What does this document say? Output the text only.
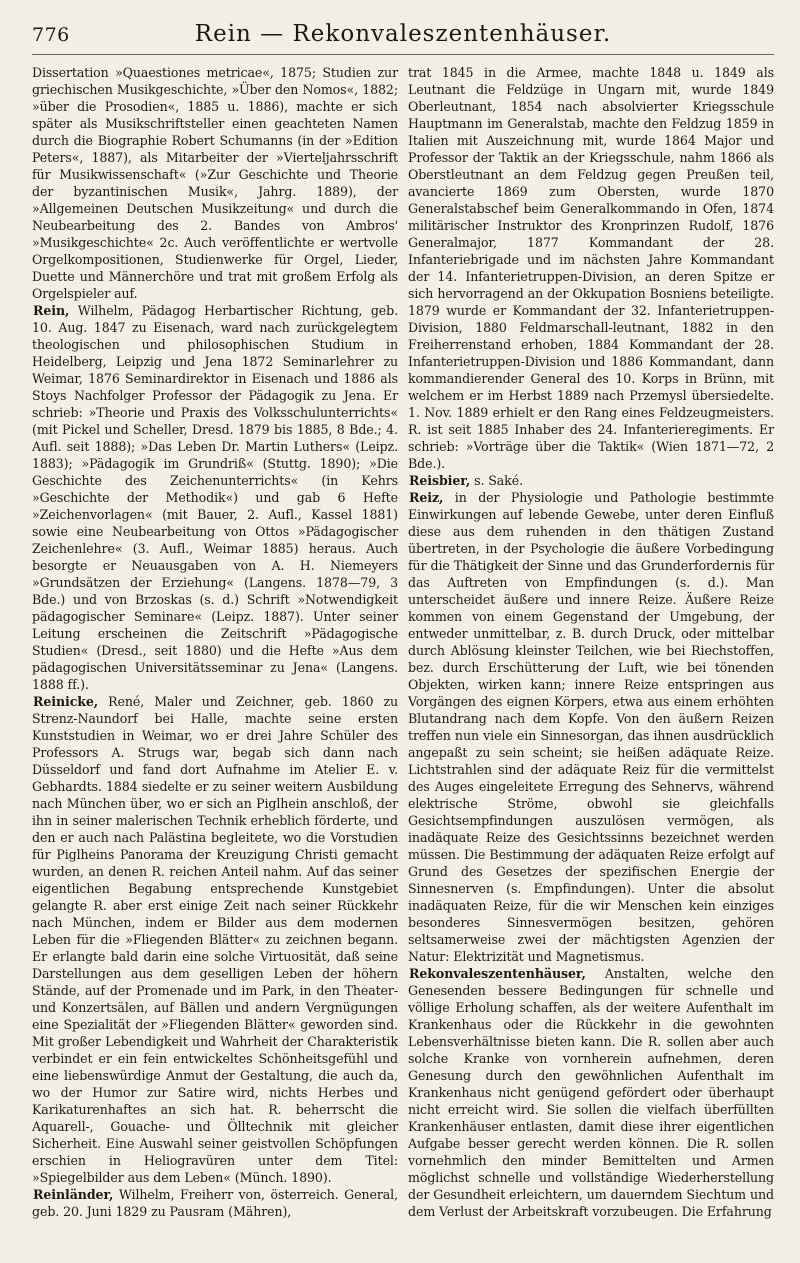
776	Rein — Rekonvaleszentenhäuser.

Dissertation »Quaestiones metricae«, 1875; Studien zur griechischen Musikgeschichte, »Über den Nomos«, 1882; »über die Prosodien«, 1885 u. 1886), machte er sich später als Musikschriftsteller einen geachteten Namen durch die Biographie Robert Schumanns (in der »Edition Peters«, 1887), als Mitarbeiter der »Vierteljahrsschrift für Musikwissenschaft« (»Zur Geschichte und Theorie der byzantinischen Musik«, Jahrg. 1889), der »Allgemeinen Deutschen Musikzeitung« und durch die Neubearbeitung des 2. Bandes von Ambros' »Musikgeschichte« 2c. Auch veröffentlichte er wertvolle Orgelkompositionen, Studienwerke für Orgel, Lieder, Duette und Männerchöre und trat mit großem Erfolg als Orgelspieler auf.

Rein, Wilhelm, Pädagog Herbartischer Richtung, geb. 10. Aug. 1847 zu Eisenach, ward nach zurückgelegtem theologischen und philosophischen Studium in Heidelberg, Leipzig und Jena 1872 Seminarlehrer zu Weimar, 1876 Seminardirektor in Eisenach und 1886 als Stoys Nachfolger Professor der Pädagogik zu Jena. Er schrieb: »Theorie und Praxis des Volksschulunterrichts« (mit Pickel und Scheller, Dresd. 1879 bis 1885, 8 Bde.; 4. Aufl. seit 1888); »Das Leben Dr. Martin Luthers« (Leipz. 1883); »Pädagogik im Grundriß« (Stuttg. 1890); »Die Geschichte des Zeichenunterrichts« (in Kehrs »Geschichte der Methodik«) und gab 6 Hefte »Zeichenvorlagen« (mit Bauer, 2. Aufl., Kassel 1881) sowie eine Neubearbeitung von Ottos »Pädagogischer Zeichenlehre« (3. Aufl., Weimar 1885) heraus. Auch besorgte er Neuausgaben von A. H. Niemeyers »Grundsätzen der Erziehung« (Langens. 1878—79, 3 Bde.) und von Brzoskas (s. d.) Schrift »Notwendigkeit pädagogischer Seminare« (Leipz. 1887). Unter seiner Leitung erscheinen die Zeitschrift »Pädagogische Studien« (Dresd., seit 1880) und die Hefte »Aus dem pädagogischen Universitätsseminar zu Jena« (Langens. 1888 ff.).

Reinicke, René, Maler und Zeichner, geb. 1860 zu Strenz-Naundorf bei Halle, machte seine ersten Kunststudien in Weimar, wo er drei Jahre Schüler des Professors A. Strugs war, begab sich dann nach Düsseldorf und fand dort Aufnahme im Atelier E. v. Gebhardts. 1884 siedelte er zu seiner weitern Ausbildung nach München über, wo er sich an Piglhein anschloß, der ihn in seiner malerischen Technik erheblich förderte, und den er auch nach Palästina begleitete, wo die Vorstudien für Piglheins Panorama der Kreuzigung Christi gemacht wurden, an denen R. reichen Anteil nahm. Auf das seiner eigentlichen Begabung entsprechende Kunstgebiet gelangte R. aber erst einige Zeit nach seiner Rückkehr nach München, indem er Bilder aus dem modernen Leben für die »Fliegenden Blätter« zu zeichnen begann. Er erlangte bald darin eine solche Virtuosität, daß seine Darstellungen aus dem geselligen Leben der höhern Stände, auf der Promenade und im Park, in den Theater- und Konzertsälen, auf Bällen und andern Vergnügungen eine Spezialität der »Fliegenden Blätter« geworden sind. Mit großer Lebendigkeit und Wahrheit der Charakteristik verbindet er ein fein entwickeltes Schönheitsgefühl und eine liebenswürdige Anmut der Gestaltung, die auch da, wo der Humor zur Satire wird, nichts Herbes und Karikaturenhaftes an sich hat. R. beherrscht die Aquarell-, Gouache- und Ölltechnik mit gleicher Sicherheit. Eine Auswahl seiner geistvollen Schöpfungen erschien in Heliogravüren unter dem Titel: »Spiegelbilder aus dem Leben« (Münch. 1890).

Reinländer, Wilhelm, Freiherr von, österreich. General, geb. 20. Juni 1829 zu Pausram (Mähren),

trat 1845 in die Armee, machte 1848 u. 1849 als Leutnant die Feldzüge in Ungarn mit, wurde 1849 Oberleutnant, 1854 nach absolvierter Kriegsschule Hauptmann im Generalstab, machte den Feldzug 1859 in Italien mit Auszeichnung mit, wurde 1864 Major und Professor der Taktik an der Kriegsschule, nahm 1866 als Oberstleutnant an dem Feldzug gegen Preußen teil, avancierte 1869 zum Obersten, wurde 1870 Generalstabschef beim Generalkommando in Ofen, 1874 militärischer Instruktor des Kronprinzen Rudolf, 1876 Generalmajor, 1877 Kommandant der 28. Infanteriebrigade und im nächsten Jahre Kommandant der 14. Infanterietruppen-Division, an deren Spitze er sich hervorragend an der Okkupation Bosniens beteiligte. 1879 wurde er Kommandant der 32. Infanterietruppen-Division, 1880 Feldmarschall-leutnant, 1882 in den Freiherrenstand erhoben, 1884 Kommandant der 28. Infanterietruppen-Division und 1886 Kommandant, dann kommandierender General des 10. Korps in Brünn, mit welchem er im Herbst 1889 nach Przemysl übersiedelte. 1. Nov. 1889 erhielt er den Rang eines Feldzeugmeisters. R. ist seit 1885 Inhaber des 24. Infanterieregiments. Er schrieb: »Vorträge über die Taktik« (Wien 1871—72, 2 Bde.).

Reisbier, s. Saké.

Reiz, in der Physiologie und Pathologie bestimmte Einwirkungen auf lebende Gewebe, unter deren Einfluß diese aus dem ruhenden in den thätigen Zustand übertreten, in der Psychologie die äußere Vorbedingung für die Thätigkeit der Sinne und das Grunderfordernis für das Auftreten von Empfindungen (s. d.). Man unterscheidet äußere und innere Reize. Äußere Reize kommen von einem Gegenstand der Umgebung, der entweder unmittelbar, z. B. durch Druck, oder mittelbar durch Ablösung kleinster Teilchen, wie bei Riechstoffen, bez. durch Erschütterung der Luft, wie bei tönenden Objekten, wirken kann; innere Reize entspringen aus Vorgängen des eignen Körpers, etwa aus einem erhöhten Blutandrang nach dem Kopfe. Von den äußern Reizen treffen nun viele ein Sinnesorgan, das ihnen ausdrücklich angepaßt zu sein scheint; sie heißen adäquate Reize. Lichtstrahlen sind der adäquate Reiz für die vermittelst des Auges eingeleitete Erregung des Sehnervs, während elektrische Ströme, obwohl sie gleichfalls Gesichtsempfindungen auszulösen vermögen, als inadäquate Reize des Gesichtssinns bezeichnet werden müssen. Die Bestimmung der adäquaten Reize erfolgt auf Grund des Gesetzes der spezifischen Energie der Sinnesnerven (s. Empfindungen). Unter die absolut inadäquaten Reize, für die wir Menschen kein einziges besonderes Sinnesvermögen besitzen, gehören seltsamerweise zwei der mächtigsten Agenzien der Natur: Elektrizität und Magnetismus.

Rekonvaleszentenhäuser, Anstalten, welche den Genesenden bessere Bedingungen für schnelle und völlige Erholung schaffen, als der weitere Aufenthalt im Krankenhaus oder die Rückkehr in die gewohnten Lebensverhältnisse bieten kann. Die R. sollen aber auch solche Kranke von vornherein aufnehmen, deren Genesung durch den gewöhnlichen Aufenthalt im Krankenhaus nicht genügend gefördert oder überhaupt nicht erreicht wird. Sie sollen die vielfach überfüllten Krankenhäuser entlasten, damit diese ihrer eigentlichen Aufgabe besser gerecht werden können. Die R. sollen vornehmlich den minder Bemittelten und Armen möglichst schnelle und vollständige Wiederherstellung der Gesundheit erleichtern, um dauerndem Siechtum und dem Verlust der Arbeitskraft vorzubeugen. Die Erfahrung
